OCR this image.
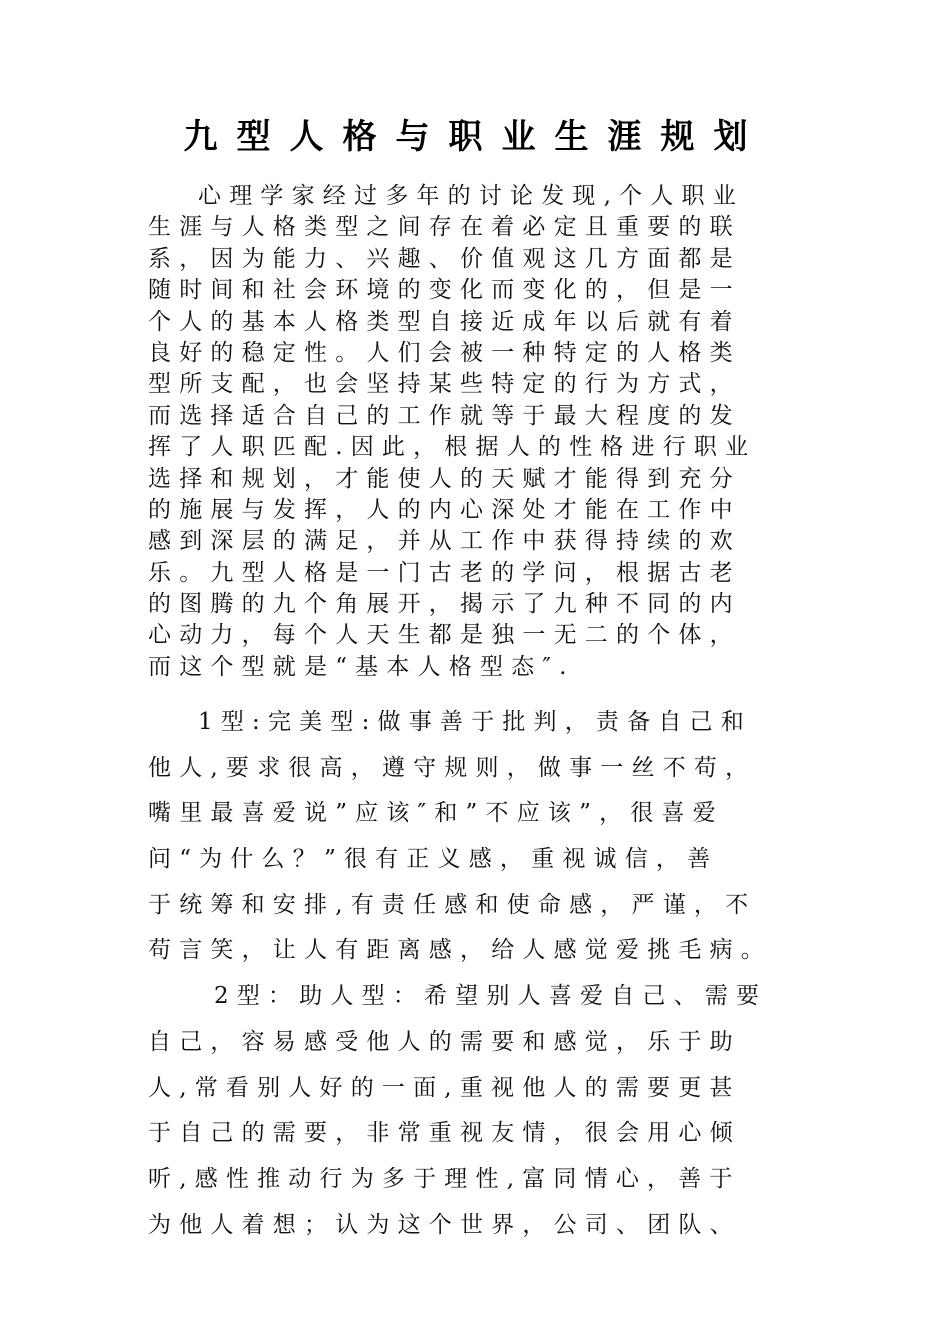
九型人格与职业生涯规划
心理学家经过多年的讨论发现,个人职业
生涯与人格类型之间存在着必定且重要的联
系，因为能力、兴趣、价值观这几方面都是
随时间和社会环境的变化而变化的，但是一
个人的基本人格类型自接近成年以后就有着
良好的稳定性。人们会被一种特定的人格类
型所支配，也会坚持某些特定的行为方式，
而选择适合自己的工作就等于最大程度的发
挥了人职匹配.因此，根据人的性格进行职业
选择和规划，才能使人的天赋才能得到充分
的施展与发挥，人的内心深处才能在工作中
感到深层的满足，并从工作中获得持续的欢
乐。九型人格是一门古老的学问，根据古老
的图腾的九个角展开，揭示了九种不同的内
心动力，每个人天生都是独一无二的个体，
而这个型就是“基本人格型态″.
1型:完美型:做事善于批判，责备自己和
他人,要求很高，遵守规则，做事一丝不苟，
嘴里最喜爱说”应该″和”不应该”，很喜爱
问“为什么？”很有正义感，重视诚信，善
于统筹和安排,有责任感和使命感，严谨，不
苟言笑，让人有距离感，给人感觉爱挑毛病。
2型：助人型：希望别人喜爱自己、需要
自己，容易感受他人的需要和感觉，乐于助
人,常看别人好的一面,重视他人的需要更甚
于自己的需要，非常重视友情，很会用心倾
听,感性推动行为多于理性,富同情心，善于
为他人着想；认为这个世界，公司、团队、
